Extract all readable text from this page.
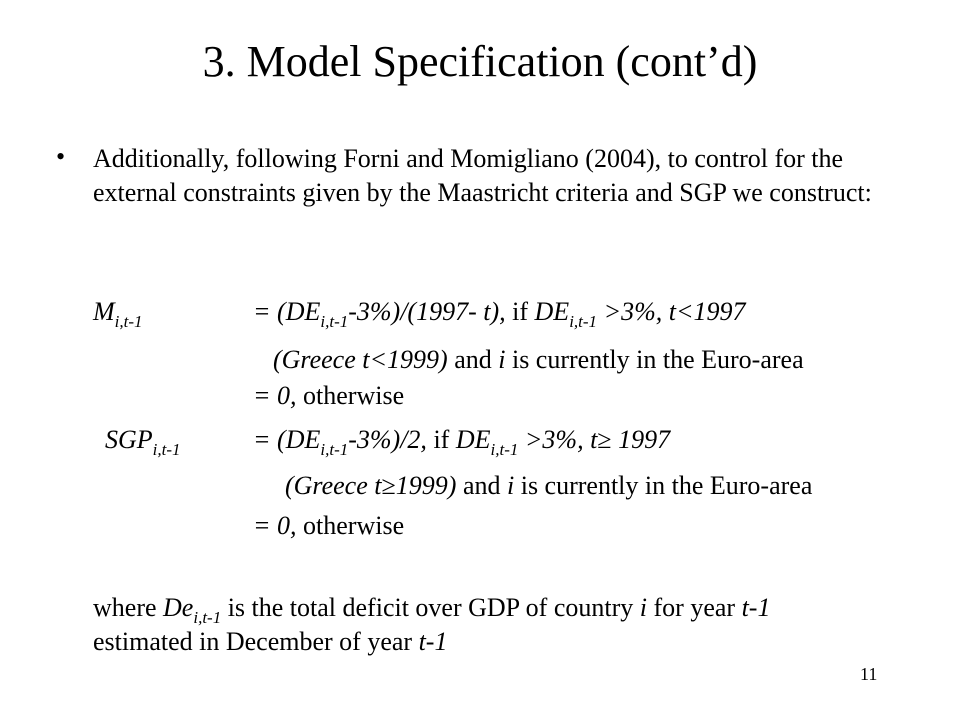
3. Model Specification (cont’d)
• Additionally, following Forni and Momigliano (2004), to control for the external constraints given by the Maastricht criteria and SGP we construct:

$M_{i,t-1}$	= $(DE_{i,t-1}-3\%)/(1997-$ t), if $DE_{i,t-1} >3\%$, t<1997
(Greece t<1999) and i is currently in the Euro-area
= 0, otherwise
$SGP_{i,t-1}$	= $(DE_{i,t-1}-3\%)/2$, if $DE_{i,t-1} >3\%$, t≥ 1997
(Greece t≥1999) and i is currently in the Euro-area
= 0, otherwise
where $De_{i,t-1}$ is the total deficit over GDP of country i for year t-1
estimated in December of year t-1
11
